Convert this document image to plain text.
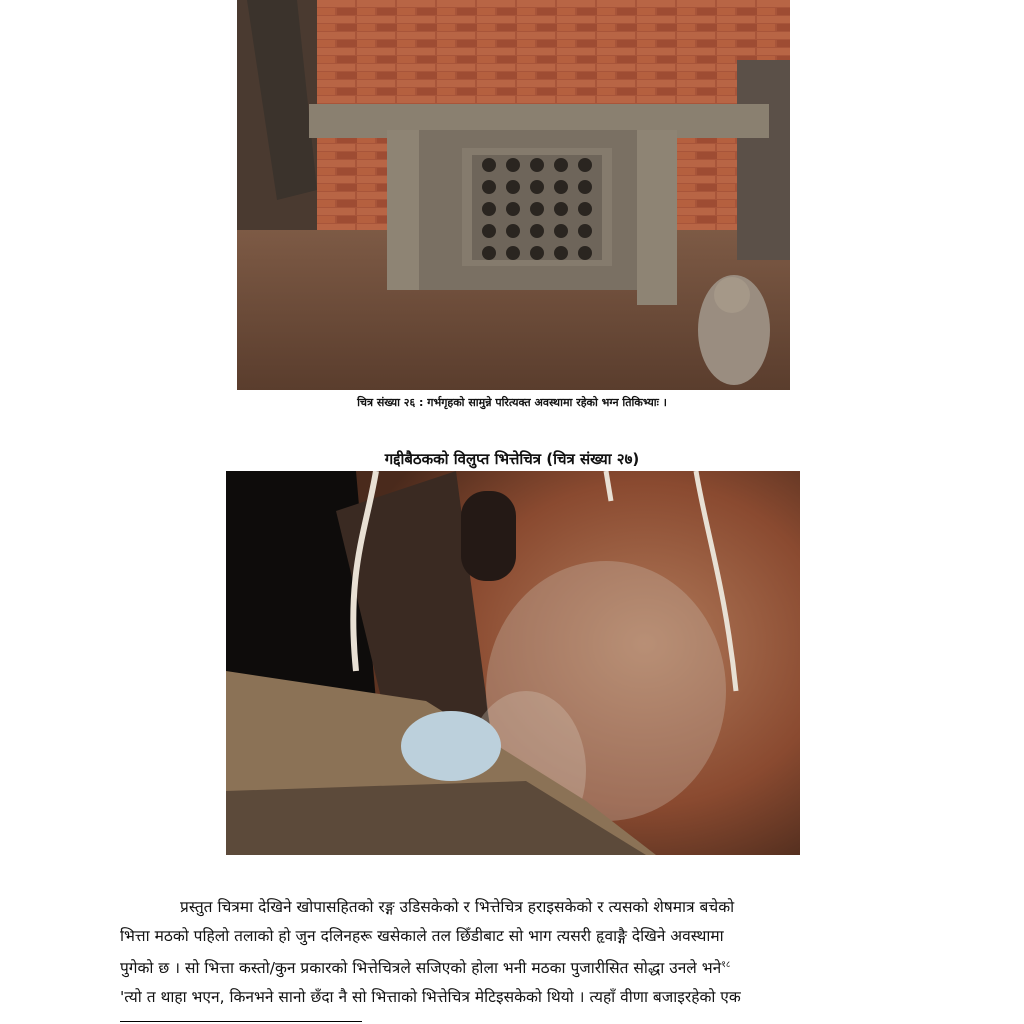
चित्र संख्या २६ : गर्भगृहको सामुन्ने परित्यक्त अवस्थामा रहेको भग्न तिकिभ्याः ।
गद्दीबैठकको विलुप्त भित्तेचित्र (चित्र संख्या २७)

प्रस्तुत चित्रमा देखिने खोपासहितको रङ्ग उडिसकेको र भित्तेचित्र हराइसकेको र त्यसको शेषमात्र बचेको

भित्ता मठको पहिलो तलाको हो जुन दलिनहरू खसेकाले तल छिँडीबाट सो भाग त्यसरी हृवाङ्गै देखिने अवस्थामा

पुगेको छ । सो भित्ता कस्तो/कुन प्रकारको भित्तेचित्रले सजिएको होला भनी मठका पुजारीसित सोद्धा उनले भने$^{१८}$

'त्यो त थाहा भएन, किनभने सानो छँदा नै सो भित्ताको भित्तेचित्र मेटिइसकेको थियो । त्यहाँ वीणा बजाइरहेको एक
